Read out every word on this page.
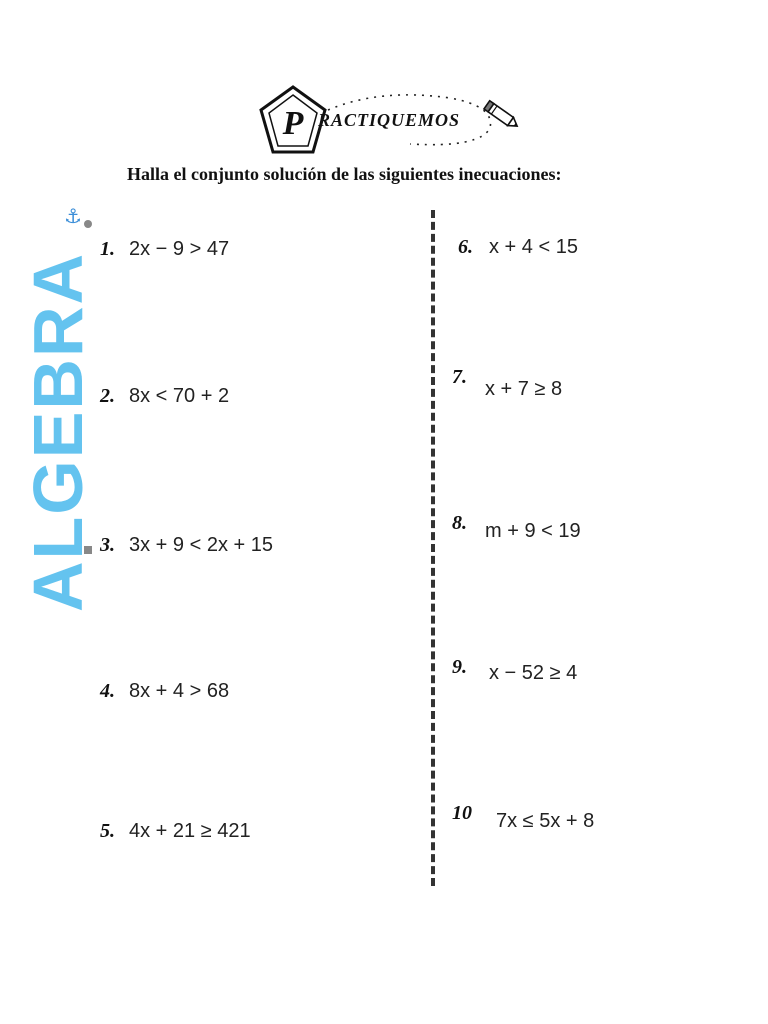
P RACTIQUEMOS
Halla el conjunto solución de las siguientes inecuaciones:
⚓
ALGEBRA
1. 2x − 9 > 47
2. 8x < 70 + 2
3. 3x + 9 < 2x + 15
4. 8x + 4 > 68
5. 4x + 21 ≥ 421
6. x + 4 < 15
7.
x + 7 ≥ 8
8. m + 9 < 19
9. x − 52 ≥ 4
10 7x ≤ 5x + 8
